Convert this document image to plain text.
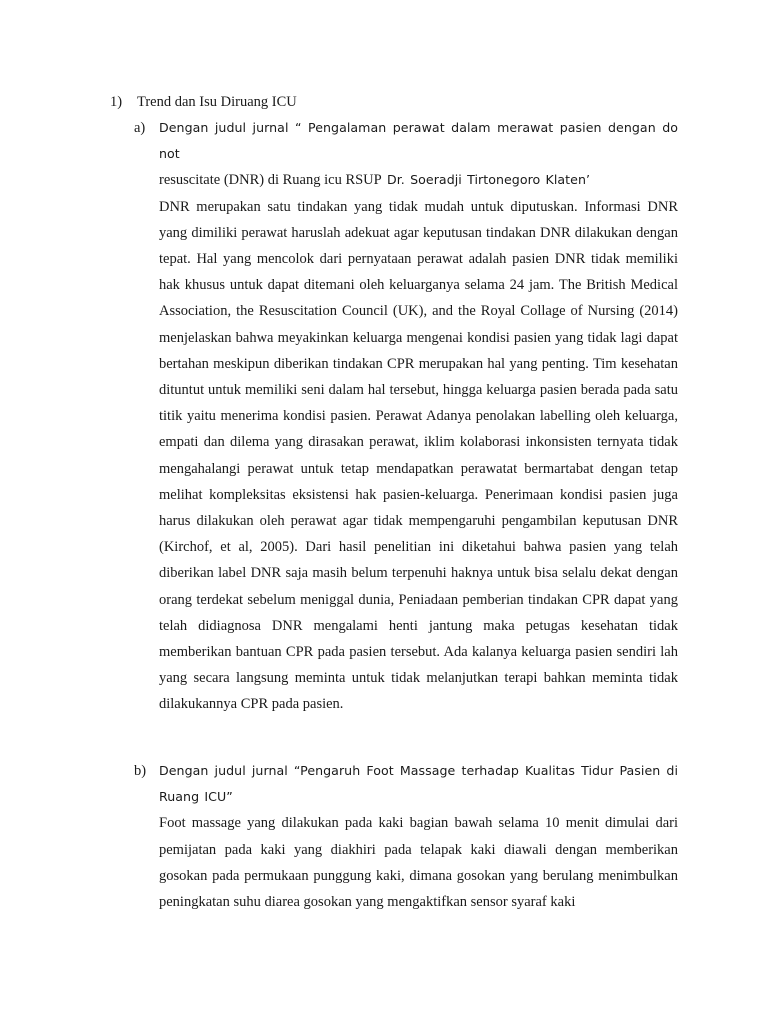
1) Trend dan Isu Diruang ICU
a) Dengan judul jurnal “ Pengalaman perawat dalam merawat pasien dengan do not

resuscitate (DNR) di Ruang icu RSUP Dr. Soeradji Tirtonegoro Klaten’

DNR merupakan satu tindakan yang tidak mudah untuk diputuskan. Informasi DNR yang dimiliki perawat haruslah adekuat agar keputusan tindakan DNR dilakukan dengan tepat. Hal yang mencolok dari pernyataan perawat adalah pasien DNR tidak memiliki hak khusus untuk dapat ditemani oleh keluarganya selama 24 jam. The British Medical Association, the Resuscitation Council (UK), and the Royal Collage of Nursing (2014) menjelaskan bahwa meyakinkan keluarga mengenai kondisi pasien yang tidak lagi dapat bertahan meskipun diberikan tindakan CPR merupakan hal yang penting. Tim kesehatan dituntut untuk memiliki seni dalam hal tersebut, hingga keluarga pasien berada pada satu titik yaitu menerima kondisi pasien. Perawat Adanya penolakan labelling oleh keluarga, empati dan dilema yang dirasakan perawat, iklim kolaborasi inkonsisten ternyata tidak mengahalangi perawat untuk tetap mendapatkan perawatat bermartabat dengan tetap melihat kompleksitas eksistensi hak pasien-keluarga. Penerimaan kondisi pasien juga harus dilakukan oleh perawat agar tidak mempengaruhi pengambilan keputusan DNR (Kirchof, et al, 2005). Dari hasil penelitian ini diketahui bahwa pasien yang telah diberikan label DNR saja masih belum terpenuhi haknya untuk bisa selalu dekat dengan orang terdekat sebelum meniggal dunia, Peniadaan pemberian tindakan CPR dapat yang telah didiagnosa DNR mengalami henti jantung maka petugas kesehatan tidak memberikan bantuan CPR pada pasien tersebut. Ada kalanya keluarga pasien sendiri lah yang secara langsung meminta untuk tidak melanjutkan terapi bahkan meminta tidak dilakukannya CPR pada pasien.

b) Dengan judul jurnal “Pengaruh Foot Massage terhadap Kualitas Tidur Pasien di

Ruang ICU”

Foot massage yang dilakukan pada kaki bagian bawah selama 10 menit dimulai dari pemijatan pada kaki yang diakhiri pada telapak kaki diawali dengan memberikan gosokan pada permukaan punggung kaki, dimana gosokan yang berulang menimbulkan peningkatan suhu diarea gosokan yang mengaktifkan sensor syaraf kaki
